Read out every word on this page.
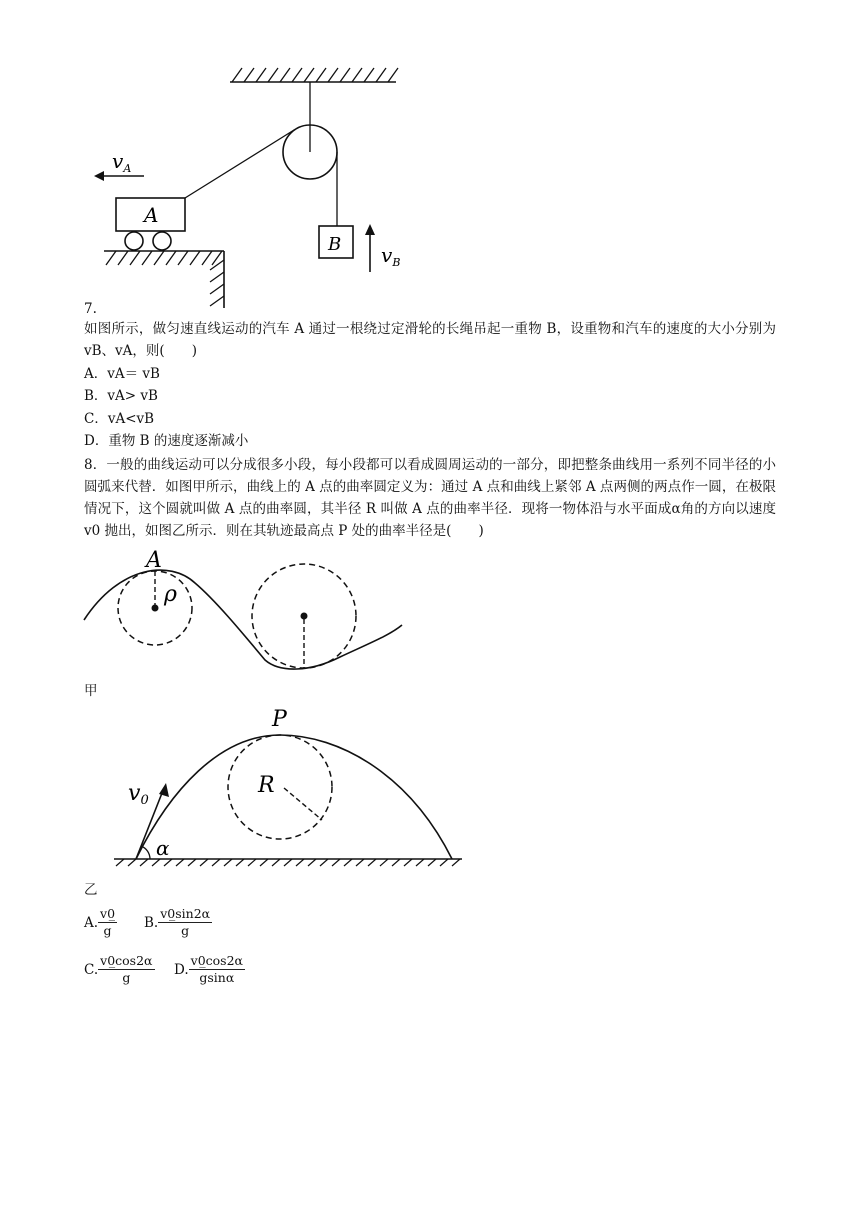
A
$v_A$
B $v_B$
7.
如图所示，做匀速直线运动的汽车 A 通过一根绕过定滑轮的长绳吊起一重物 B，设重物和汽车的速度的大小分别为 vB、vA，则(　　)
A．vA＝ vB
B．vA> vB
C．vA<vB
D．重物 B 的速度逐渐减小
8．一般的曲线运动可以分成很多小段，每小段都可以看成圆周运动的一部分，即把整条曲线用一系列不同半径的小圆弧来代替．如图甲所示，曲线上的 A 点的曲率圆定义为：通过 A 点和曲线上紧邻 A 点两侧的两点作一圆，在极限情况下，这个圆就叫做 A 点的曲率圆，其半径 R 叫做 A 点的曲率半径．现将一物体沿与水平面成α角的方向以速度 v0 抛出，如图乙所示．则在其轨迹最高点 P 处的曲率半径是(　　)
A
ρ
甲
P
R
v0
α
乙
A. $\frac{v0̲}{g} B$. $\frac{v0̲\sin 2\alpha}{g}$
C. $\frac{v0̲\cos 2\alpha}{g} D$. $\frac{v0̲\cos 2\alpha}{gsin\alpha}$
